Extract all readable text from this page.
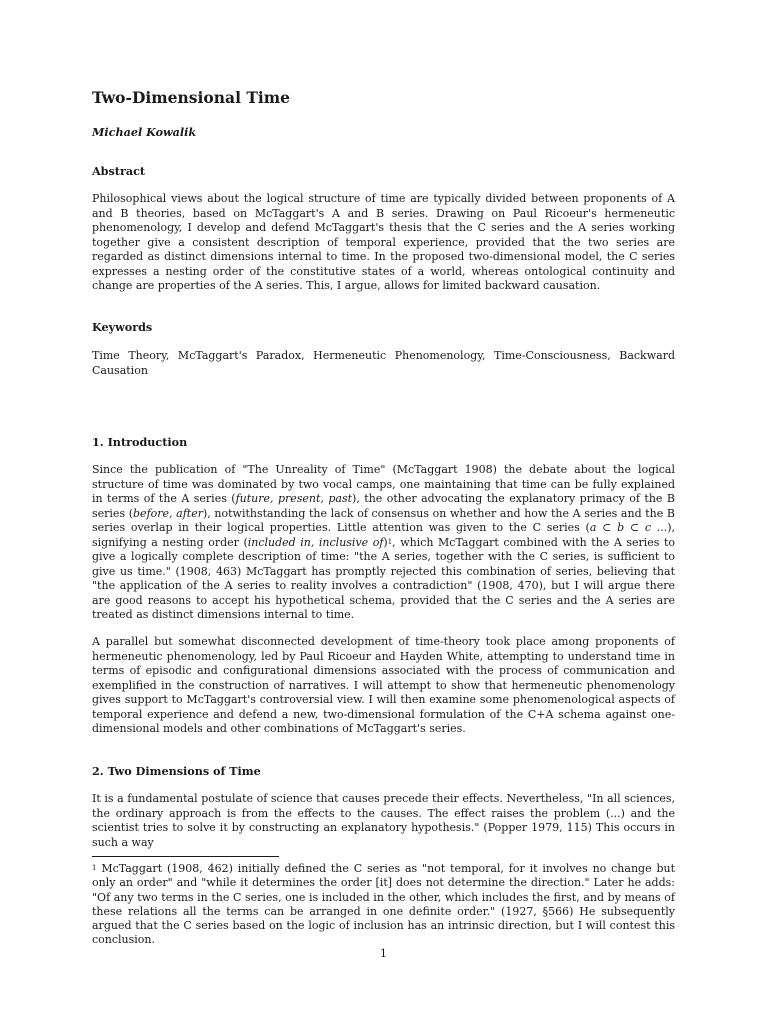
Two-Dimensional Time
Michael Kowalik
Abstract

Philosophical views about the logical structure of time are typically divided between proponents of A and B theories, based on McTaggart's A and B series. Drawing on Paul Ricoeur's hermeneutic phenomenology, I develop and defend McTaggart's thesis that the C series and the A series working together give a consistent description of temporal experience, provided that the two series are regarded as distinct dimensions internal to time. In the proposed two-dimensional model, the C series expresses a nesting order of the constitutive states of a world, whereas ontological continuity and change are properties of the A series. This, I argue, allows for limited backward causation.

Keywords

Time Theory, McTaggart's Paradox, Hermeneutic Phenomenology, Time-Consciousness, Backward Causation

1. Introduction

Since the publication of "The Unreality of Time" (McTaggart 1908) the debate about the logical structure of time was dominated by two vocal camps, one maintaining that time can be fully explained in terms of the A series (future, present, past), the other advocating the explanatory primacy of the B series (before, after), notwithstanding the lack of consensus on whether and how the A series and the B series overlap in their logical properties. Little attention was given to the C series (a ⊂ b ⊂ c ...), signifying a nesting order (included in, inclusive of)$^1$, which McTaggart combined with the A series to give a logically complete description of time: "the A series, together with the C series, is sufficient to give us time." (1908, 463) McTaggart has promptly rejected this combination of series, believing that "the application of the A series to reality involves a contradiction" (1908, 470), but I will argue there are good reasons to accept his hypothetical schema, provided that the C series and the A series are treated as distinct dimensions internal to time.

A parallel but somewhat disconnected development of time-theory took place among proponents of hermeneutic phenomenology, led by Paul Ricoeur and Hayden White, attempting to understand time in terms of episodic and configurational dimensions associated with the process of communication and exemplified in the construction of narratives. I will attempt to show that hermeneutic phenomenology gives support to McTaggart's controversial view. I will then examine some phenomenological aspects of temporal experience and defend a new, two-dimensional formulation of the C+A schema against one-dimensional models and other combinations of McTaggart's series.

2. Two Dimensions of Time

It is a fundamental postulate of science that causes precede their effects. Nevertheless, "In all sciences, the ordinary approach is from the effects to the causes. The effect raises the problem (...) and the scientist tries to solve it by constructing an explanatory hypothesis." (Popper 1979, 115) This occurs in such a way

$^1$ McTaggart (1908, 462) initially defined the C series as "not temporal, for it involves no change but only an order" and "while it determines the order [it] does not determine the direction." Later he adds: "Of any two terms in the C series, one is included in the other, which includes the first, and by means of these relations all the terms can be arranged in one definite order." (1927, §566) He subsequently argued that the C series based on the logic of inclusion has an intrinsic direction, but I will contest this conclusion.

1
